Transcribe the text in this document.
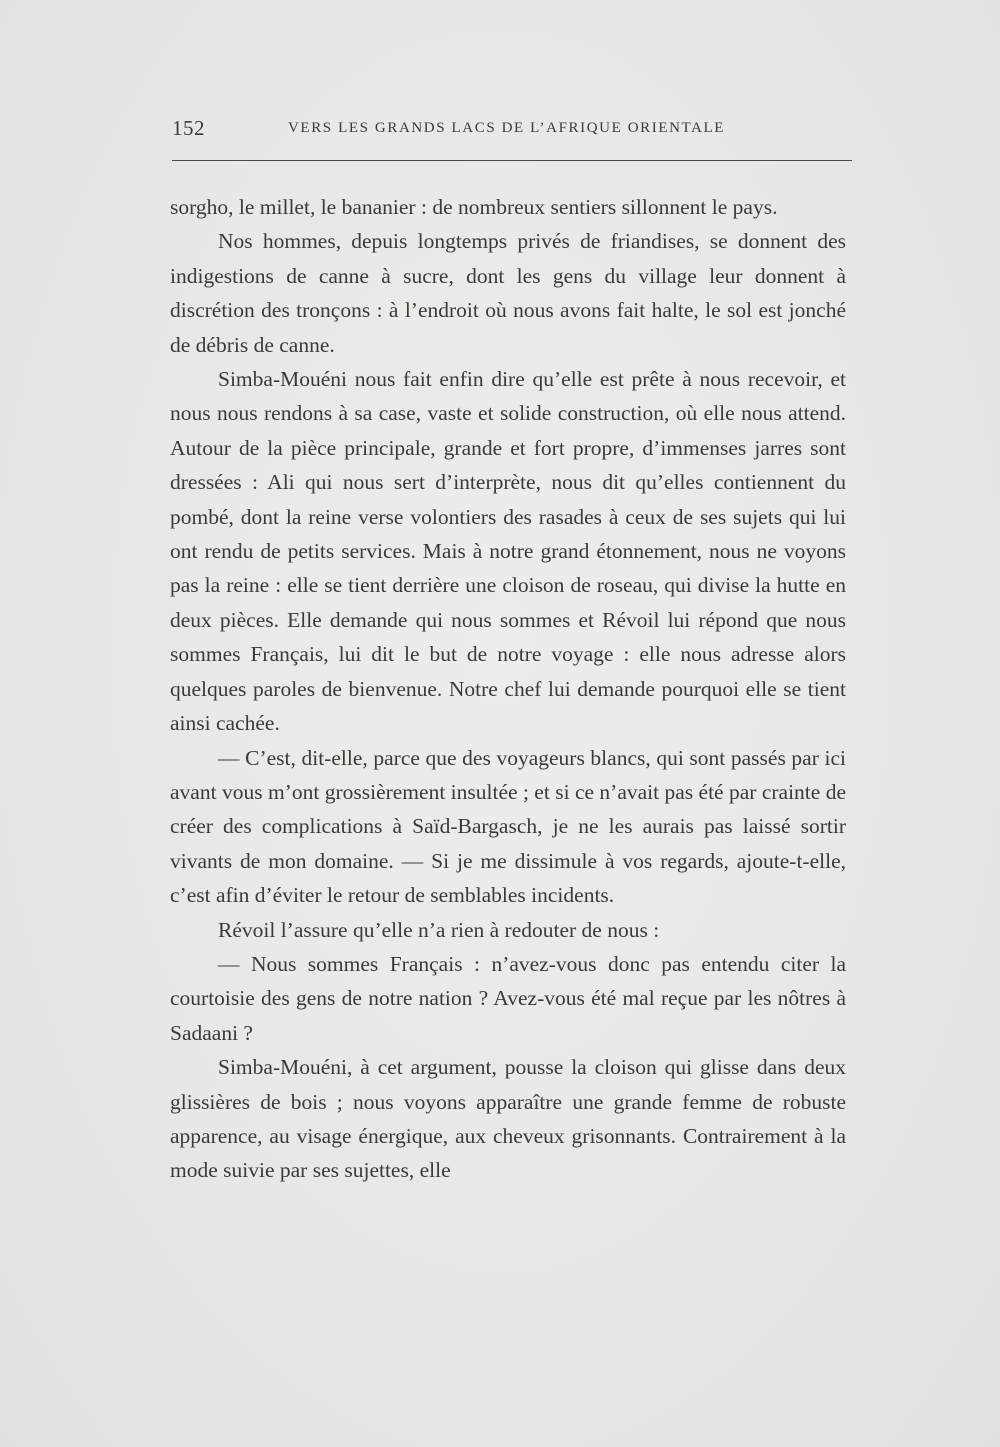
152	VERS LES GRANDS LACS DE L’AFRIQUE ORIENTALE

sorgho, le millet, le bananier : de nombreux sentiers sillonnent le pays.

Nos hommes, depuis longtemps privés de friandises, se donnent des indigestions de canne à sucre, dont les gens du village leur donnent à discrétion des tronçons : à l’endroit où nous avons fait halte, le sol est jonché de débris de canne.

Simba-Mouéni nous fait enfin dire qu’elle est prête à nous recevoir, et nous nous rendons à sa case, vaste et solide construction, où elle nous attend. Autour de la pièce principale, grande et fort propre, d’immenses jarres sont dressées : Ali qui nous sert d’interprète, nous dit qu’elles contiennent du pombé, dont la reine verse volontiers des rasades à ceux de ses sujets qui lui ont rendu de petits services. Mais à notre grand étonnement, nous ne voyons pas la reine : elle se tient derrière une cloison de roseau, qui divise la hutte en deux pièces. Elle demande qui nous sommes et Révoil lui répond que nous sommes Français, lui dit le but de notre voyage : elle nous adresse alors quelques paroles de bienvenue. Notre chef lui demande pourquoi elle se tient ainsi cachée.

— C’est, dit-elle, parce que des voyageurs blancs, qui sont passés par ici avant vous m’ont grossièrement insultée ; et si ce n’avait pas été par crainte de créer des complications à Saïd-Bargasch, je ne les aurais pas laissé sortir vivants de mon domaine. — Si je me dissimule à vos regards, ajoute-t-elle, c’est afin d’éviter le retour de semblables incidents.

Révoil l’assure qu’elle n’a rien à redouter de nous :

— Nous sommes Français : n’avez-vous donc pas entendu citer la courtoisie des gens de notre nation ? Avez-vous été mal reçue par les nôtres à Sadaani ?

Simba-Mouéni, à cet argument, pousse la cloison qui glisse dans deux glissières de bois ; nous voyons apparaître une grande femme de robuste apparence, au visage énergique, aux cheveux grisonnants. Contrairement à la mode suivie par ses sujettes, elle
